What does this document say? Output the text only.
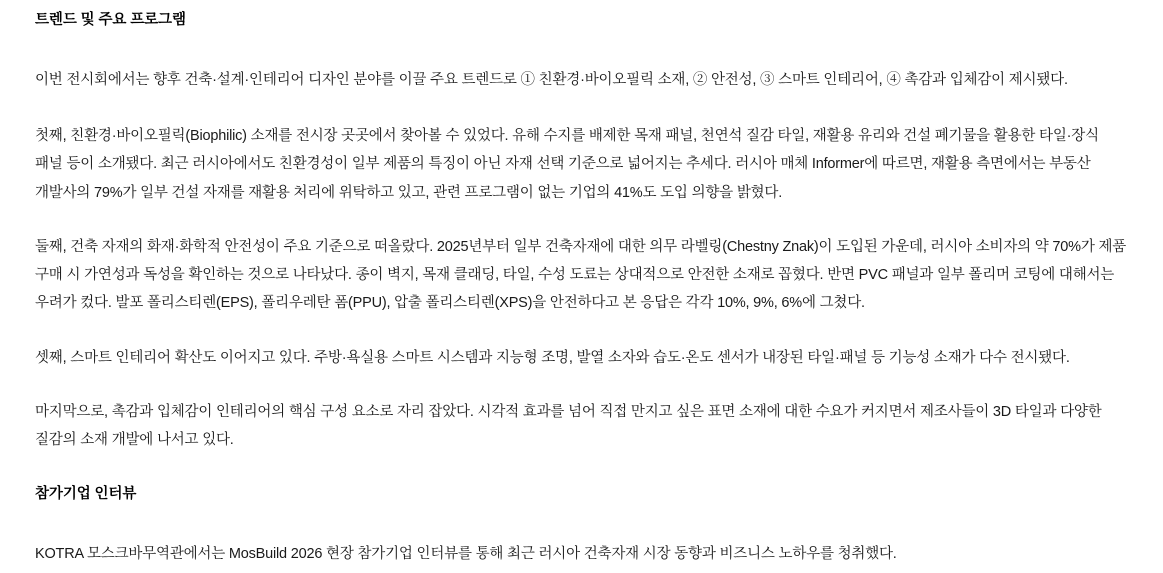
트렌드 및 주요 프로그램

이번 전시회에서는 향후 건축·설계·인테리어 디자인 분야를 이끌 주요 트렌드로 ① 친환경·바이오필릭 소재, ② 안전성, ③ 스마트 인테리어, ④ 촉감과 입체감이 제시됐다.

첫째, 친환경·바이오필릭(Biophilic) 소재를 전시장 곳곳에서 찾아볼 수 있었다. 유해 수지를 배제한 목재 패널, 천연석 질감 타일, 재활용 유리와 건설 폐기물을 활용한 타일·장식 패널 등이 소개됐다. 최근 러시아에서도 친환경성이 일부 제품의 특징이 아닌 자재 선택 기준으로 넓어지는 추세다. 러시아 매체 Informer에 따르면, 재활용 측면에서는 부동산 개발사의 79%가 일부 건설 자재를 재활용 처리에 위탁하고 있고, 관련 프로그램이 없는 기업의 41%도 도입 의향을 밝혔다.

둘째, 건축 자재의 화재·화학적 안전성이 주요 기준으로 떠올랐다. 2025년부터 일부 건축자재에 대한 의무 라벨링(Chestny Znak)이 도입된 가운데, 러시아 소비자의 약 70%가 제품 구매 시 가연성과 독성을 확인하는 것으로 나타났다. 종이 벽지, 목재 클래딩, 타일, 수성 도료는 상대적으로 안전한 소재로 꼽혔다. 반면 PVC 패널과 일부 폴리머 코팅에 대해서는 우려가 컸다. 발포 폴리스티렌(EPS), 폴리우레탄 폼(PPU), 압출 폴리스티렌(XPS)을 안전하다고 본 응답은 각각 10%, 9%, 6%에 그쳤다.

셋째, 스마트 인테리어 확산도 이어지고 있다. 주방·욕실용 스마트 시스템과 지능형 조명, 발열 소자와 습도·온도 센서가 내장된 타일·패널 등 기능성 소재가 다수 전시됐다.

마지막으로, 촉감과 입체감이 인테리어의 핵심 구성 요소로 자리 잡았다. 시각적 효과를 넘어 직접 만지고 싶은 표면 소재에 대한 수요가 커지면서 제조사들이 3D 타일과 다양한 질감의 소재 개발에 나서고 있다.

참가기업 인터뷰

KOTRA 모스크바무역관에서는 MosBuild 2026 현장 참가기업 인터뷰를 통해 최근 러시아 건축자재 시장 동향과 비즈니스 노하우를 청취했다.
